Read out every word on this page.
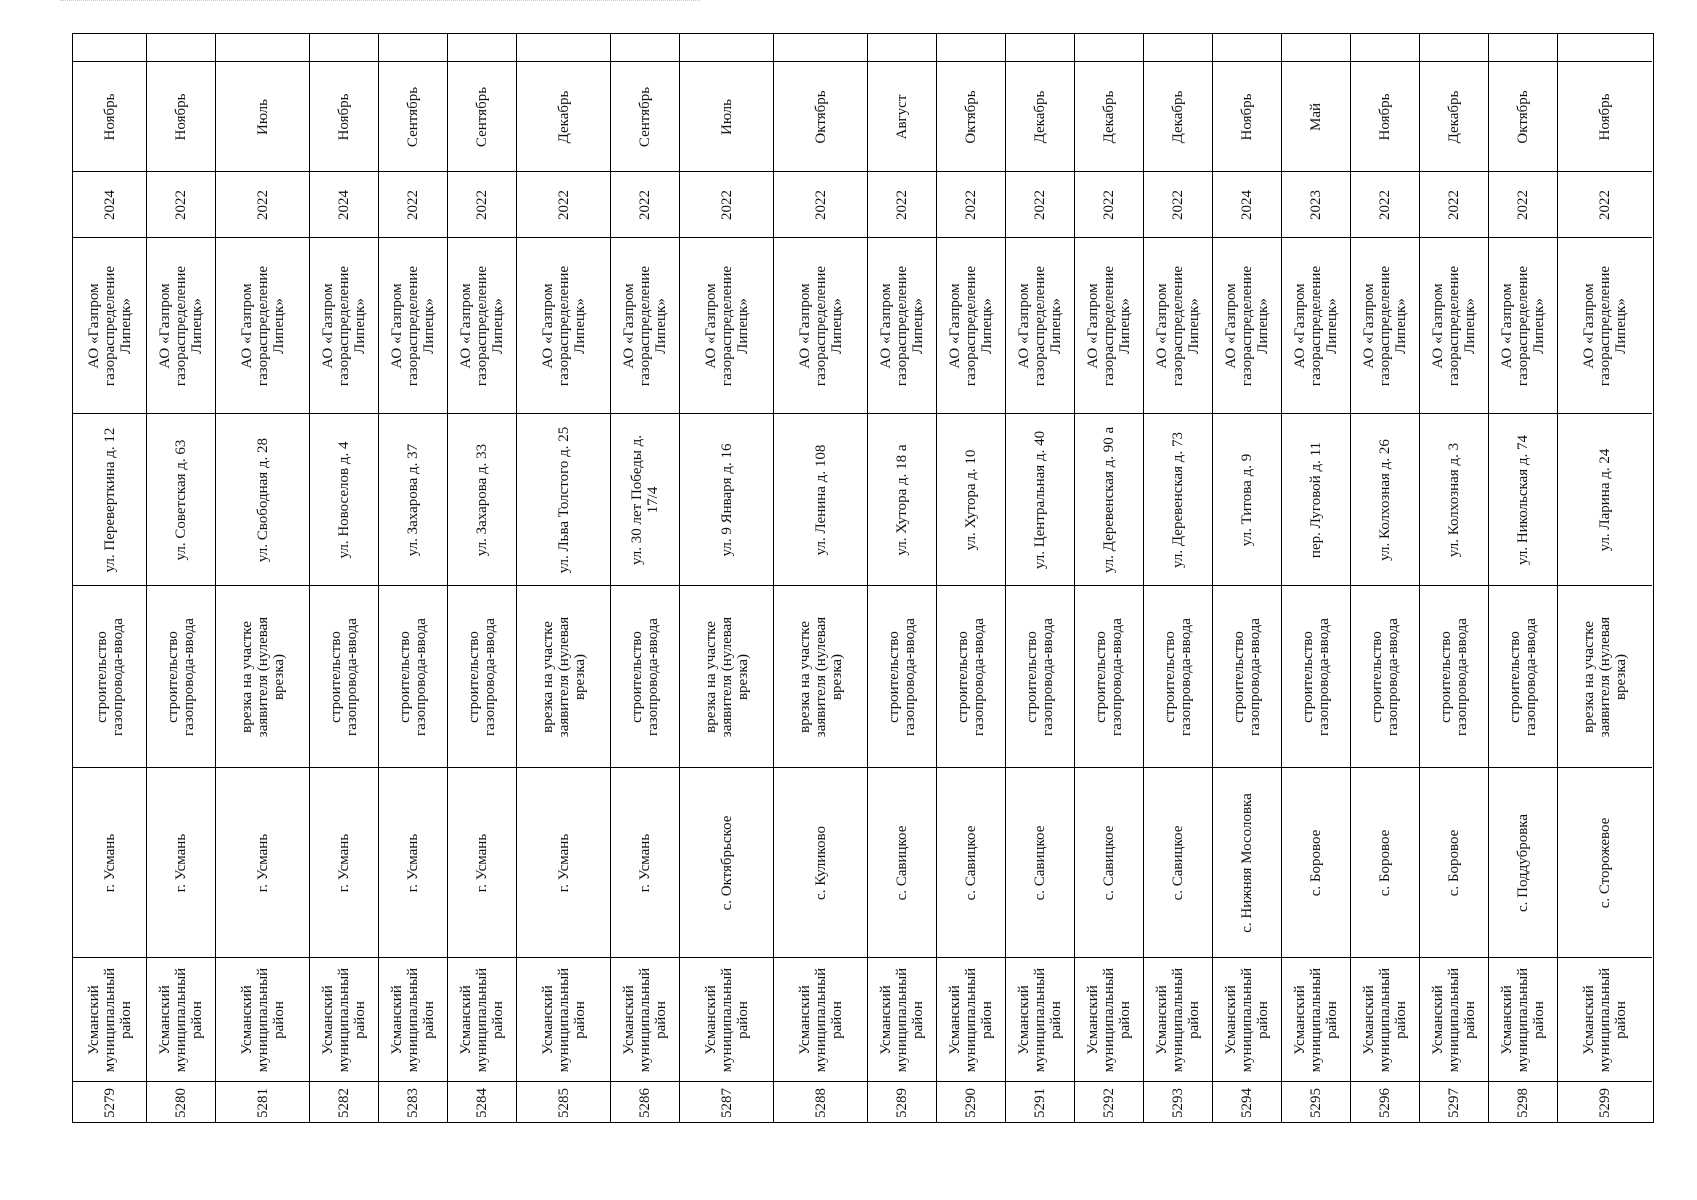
Ноябрь
2024
АО «Газпром газораспределение Липецк»
ул. Переверткина д. 12
строительство газопровода-ввода
г. Усмань
Усманский муниципальный район
5279
Ноябрь
2022
АО «Газпром газораспределение Липецк»
ул. Советская д. 63
строительство газопровода-ввода
г. Усмань
Усманский муниципальный район
5280
Июль
2022
АО «Газпром газораспределение Липецк»
ул. Свободная д. 28
врезка на участке заявителя (нулевая врезка)
г. Усмань
Усманский муниципальный район
5281
Ноябрь
2024
АО «Газпром газораспределение Липецк»
ул. Новоселов д. 4
строительство газопровода-ввода
г. Усмань
Усманский муниципальный район
5282
Сентябрь
2022
АО «Газпром газораспределение Липецк»
ул. Захарова д. 37
строительство газопровода-ввода
г. Усмань
Усманский муниципальный район
5283
Сентябрь
2022
АО «Газпром газораспределение Липецк»
ул. Захарова д. 33
строительство газопровода-ввода
г. Усмань
Усманский муниципальный район
5284
Декабрь
2022
АО «Газпром газораспределение Липецк»
ул. Льва Толстого д. 25
врезка на участке заявителя (нулевая врезка)
г. Усмань
Усманский муниципальный район
5285
Сентябрь
2022
АО «Газпром газораспределение Липецк»
ул. 30 лет Победы д. 17/4
строительство газопровода-ввода
г. Усмань
Усманский муниципальный район
5286
Июль
2022
АО «Газпром газораспределение Липецк»
ул. 9 Января д. 16
врезка на участке заявителя (нулевая врезка)
с. Октябрьское
Усманский муниципальный район
5287
Октябрь
2022
АО «Газпром газораспределение Липецк»
ул. Ленина д. 108
врезка на участке заявителя (нулевая врезка)
с. Куликово
Усманский муниципальный район
5288
Август
2022
АО «Газпром газораспределение Липецк»
ул. Хутора д. 18 а
строительство газопровода-ввода
с. Савицкое
Усманский муниципальный район
5289
Октябрь
2022
АО «Газпром газораспределение Липецк»
ул. Хутора д. 10
строительство газопровода-ввода
с. Савицкое
Усманский муниципальный район
5290
Декабрь
2022
АО «Газпром газораспределение Липецк»
ул. Центральная д. 40
строительство газопровода-ввода
с. Савицкое
Усманский муниципальный район
5291
Декабрь
2022
АО «Газпром газораспределение Липецк»
ул. Деревенская д. 90 а
строительство газопровода-ввода
с. Савицкое
Усманский муниципальный район
5292
Декабрь
2022
АО «Газпром газораспределение Липецк»
ул. Деревенская д. 73
строительство газопровода-ввода
с. Савицкое
Усманский муниципальный район
5293
Ноябрь
2024
АО «Газпром газораспределение Липецк»
ул. Титова д. 9
строительство газопровода-ввода
с. Нижняя Мосоловка
Усманский муниципальный район
5294
Май
2023
АО «Газпром газораспределение Липецк»
пер. Луговой д. 11
строительство газопровода-ввода
с. Боровое
Усманский муниципальный район
5295
Ноябрь
2022
АО «Газпром газораспределение Липецк»
ул. Колхозная д. 26
строительство газопровода-ввода
с. Боровое
Усманский муниципальный район
5296
Декабрь
2022
АО «Газпром газораспределение Липецк»
ул. Колхозная д. 3
строительство газопровода-ввода
с. Боровое
Усманский муниципальный район
5297
Октябрь
2022
АО «Газпром газораспределение Липецк»
ул. Никольская д. 74
строительство газопровода-ввода
с. Поддубровка
Усманский муниципальный район
5298
Ноябрь
2022
АО «Газпром газораспределение Липецк»
ул. Ларина д. 24
врезка на участке заявителя (нулевая врезка)
с. Сторожевое
Усманский муниципальный район
5299
